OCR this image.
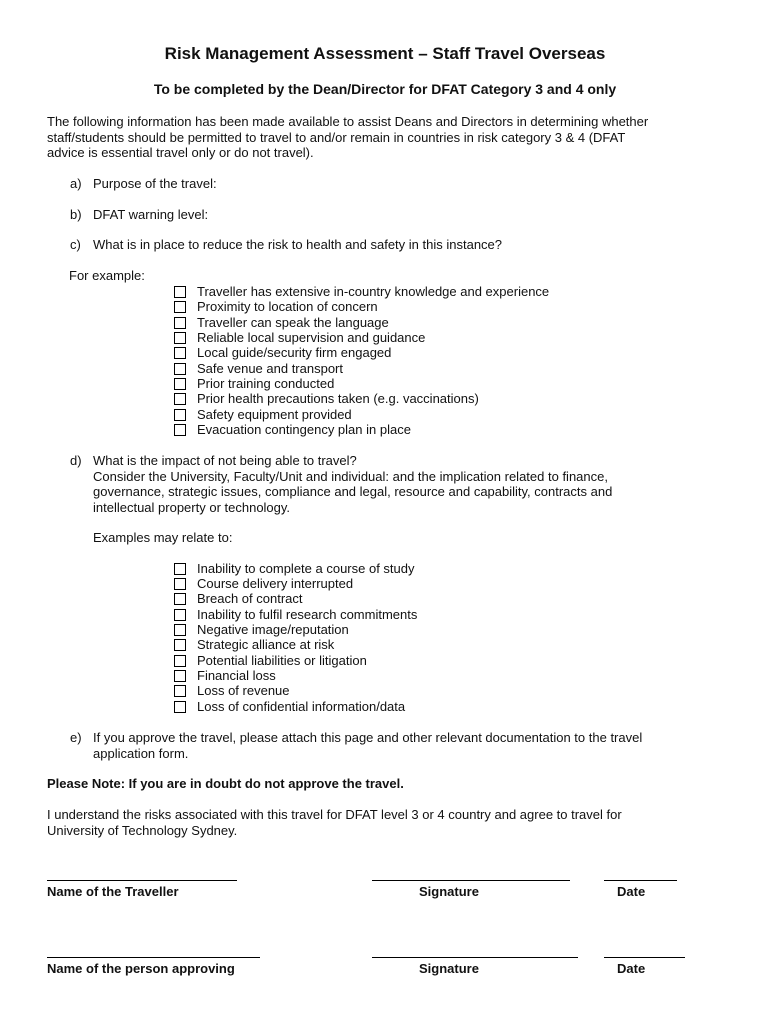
Risk Management Assessment – Staff Travel Overseas
To be completed by the Dean/Director for DFAT Category 3 and 4 only
The following information has been made available to assist Deans and Directors in determining whether
staff/students should be permitted to travel to and/or remain in countries in risk category 3 & 4 (DFAT
advice is essential travel only or do not travel).
a) Purpose of the travel:
b) DFAT warning level:
c) What is in place to reduce the risk to health and safety in this instance?
For example:
Traveller has extensive in-country knowledge and experience
Proximity to location of concern
Traveller can speak the language
Reliable local supervision and guidance
Local guide/security firm engaged
Safe venue and transport
Prior training conducted
Prior health precautions taken (e.g. vaccinations)
Safety equipment provided
Evacuation contingency plan in place
d) What is the impact of not being able to travel?
Consider the University, Faculty/Unit and individual: and the implication related to finance,
governance, strategic issues, compliance and legal, resource and capability, contracts and
intellectual property or technology.
Examples may relate to:
Inability to complete a course of study
Course delivery interrupted
Breach of contract
Inability to fulfil research commitments
Negative image/reputation
Strategic alliance at risk
Potential liabilities or litigation
Financial loss
Loss of revenue
Loss of confidential information/data
e) If you approve the travel, please attach this page and other relevant documentation to the travel
application form.
Please Note: If you are in doubt do not approve the travel.
I understand the risks associated with this travel for DFAT level 3 or 4 country and agree to travel for
University of Technology Sydney.
Name of the Traveller	Signature	Date
Name of the person approving	Signature	Date
